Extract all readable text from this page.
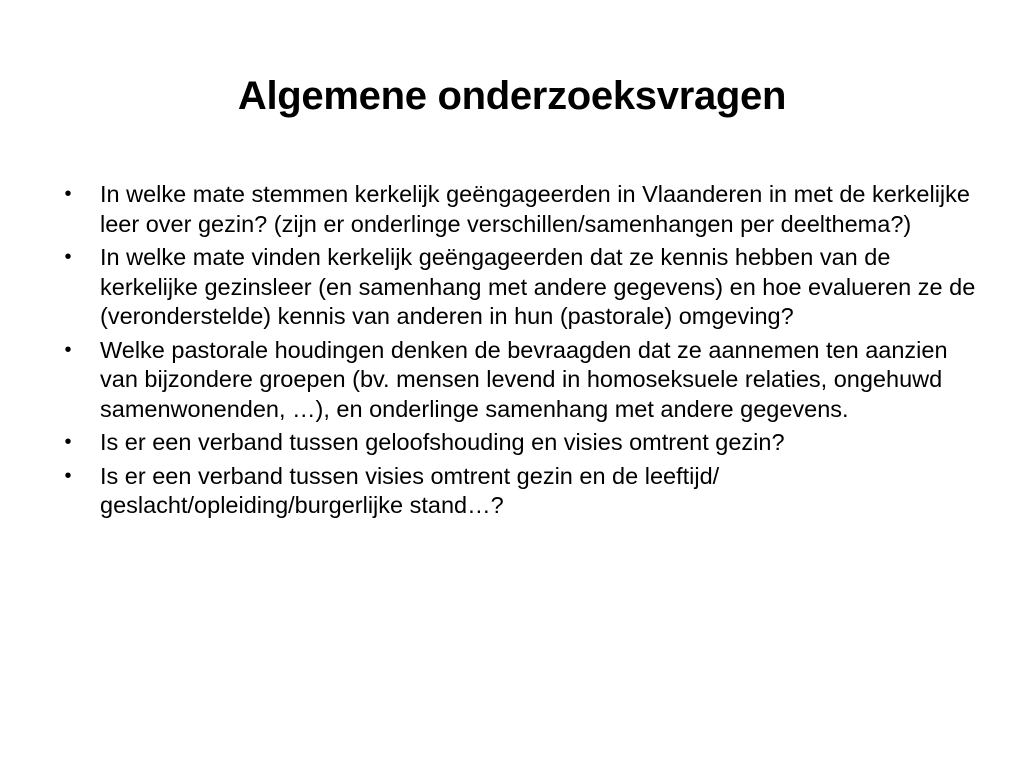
Algemene onderzoeksvragen
• In welke mate stemmen kerkelijk geëngageerden in Vlaanderen in met de kerkelijke leer over gezin? (zijn er onderlinge verschillen/samenhangen per deelthema?)
• In welke mate vinden kerkelijk geëngageerden dat ze kennis hebben van de kerkelijke gezinsleer (en samenhang met andere gegevens) en hoe evalueren ze de (veronderstelde) kennis van anderen in hun (pastorale) omgeving?
• Welke pastorale houdingen denken de bevraagden dat ze aannemen ten aanzien van bijzondere groepen (bv. mensen levend in homoseksuele relaties, ongehuwd samenwonenden, …), en onderlinge samenhang met andere gegevens.
• Is er een verband tussen geloofshouding en visies omtrent gezin?
• Is er een verband tussen visies omtrent gezin en de leeftijd/ geslacht/opleiding/burgerlijke stand…?
